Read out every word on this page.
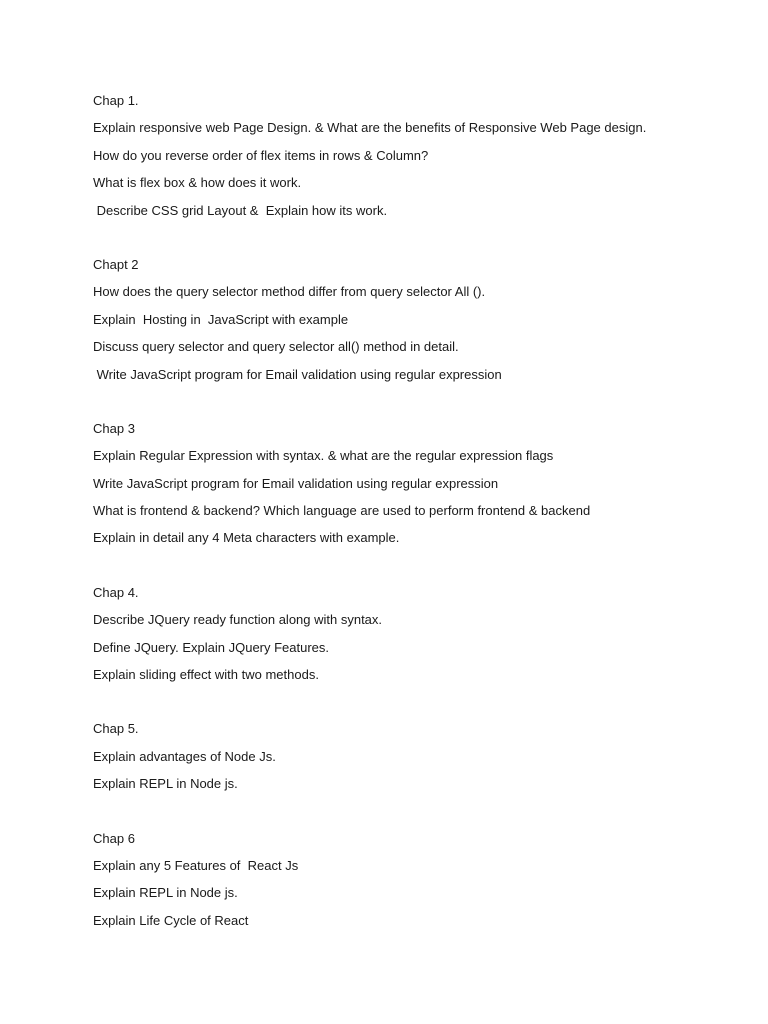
Chap 1.
Explain responsive web Page Design. & What are the benefits of Responsive Web Page design.
How do you reverse order of flex items in rows & Column?
What is flex box & how does it work.
Describe CSS grid Layout &  Explain how its work.
Chapt 2
How does the query selector method differ from query selector All ().
Explain  Hosting in  JavaScript with example
Discuss query selector and query selector all() method in detail.
Write JavaScript program for Email validation using regular expression
Chap 3
Explain Regular Expression with syntax. & what are the regular expression flags
Write JavaScript program for Email validation using regular expression
What is frontend & backend? Which language are used to perform frontend & backend
Explain in detail any 4 Meta characters with example.
Chap 4.
Describe JQuery ready function along with syntax.
Define JQuery. Explain JQuery Features.
Explain sliding effect with two methods.
Chap 5.
Explain advantages of Node Js.
Explain REPL in Node js.
Chap 6
Explain any 5 Features of  React Js
Explain REPL in Node js.
Explain Life Cycle of React
